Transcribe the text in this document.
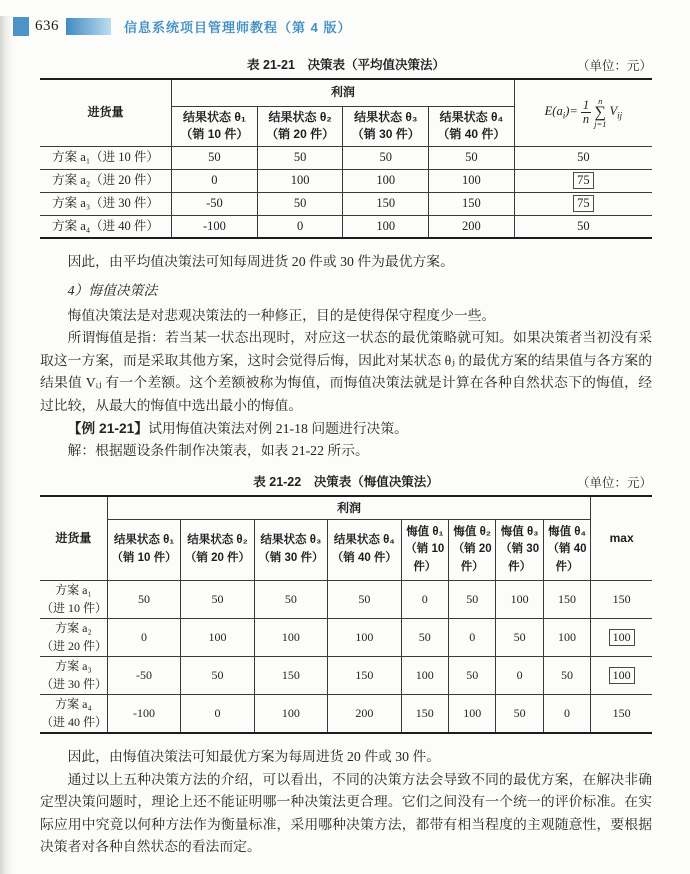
636	信息系统项目管理师教程（第 4 版）
表 21-21　决策表（平均值决策法）	（单位：元）
进货量	利润	
$E(a_i)= \frac{1}{n}$ n
∑
j=1
$V_{ij}$

结果状态 θ₁
（销 10 件）

结果状态 θ₂
（销 20 件）

结果状态 θ₃
（销 30 件）

结果状态 θ₄
（销 40 件）

方案 a₁（进 10 件）	50	50	50	50	50
方案 a₂（进 20 件）	0	100	100	100	75
方案 a₃（进 30 件）	-50	50	150	150	75
方案 a₄（进 40 件）	-100	0	100	200	50

因此，由平均值决策法可知每周进货 20 件或 30 件为最优方案。

4）悔值决策法

悔值决策法是对悲观决策法的一种修正，目的是使得保守程度少一些。

所谓悔值是指：若当某一状态出现时，对应这一状态的最优策略就可知。如果决策者当初没有采取这一方案，而是采取其他方案，这时会觉得后悔，因此对某状态 θⱼ 的最优方案的结果值与各方案的结果值 Vᵢⱼ 有一个差额。这个差额被称为悔值，而悔值决策法就是计算在各种自然状态下的悔值，经过比较，从最大的悔值中选出最小的悔值。

【例 21-21】试用悔值决策法对例 21-18 问题进行决策。

解：根据题设条件制作决策表，如表 21-22 所示。

表 21-22　决策表（悔值决策法）	（单位：元）
进货量	利润								max

结果状态 θ₁
（销 10 件）

结果状态 θ₂
（销 20 件）

结果状态 θ₃
（销 30 件）

结果状态 θ₄
（销 40 件）

悔值 θ₁
（销 10
件）

悔值 θ₂
（销 20
件）

悔值 θ₃
（销 30
件）

悔值 θ₄
（销 40
件）

方案 a₁
（进 10 件）	50	50	50	50	0	50	100	150	150

方案 a₂
（进 20 件）	0	100	100	100	50	0	50	100	100

方案 a₃
（进 30 件）	-50	50	150	150	100	50	0	50	100

方案 a₄
（进 40 件）	-100	0	100	200	150	100	50	0	150

因此，由悔值决策法可知最优方案为每周进货 20 件或 30 件。

通过以上五种决策方法的介绍，可以看出，不同的决策方法会导致不同的最优方案，在解决非确定型决策问题时，理论上还不能证明哪一种决策法更合理。它们之间没有一个统一的评价标准。在实际应用中究竟以何种方法作为衡量标准，采用哪种决策方法，都带有相当程度的主观随意性，要根据决策者对各种自然状态的看法而定。
